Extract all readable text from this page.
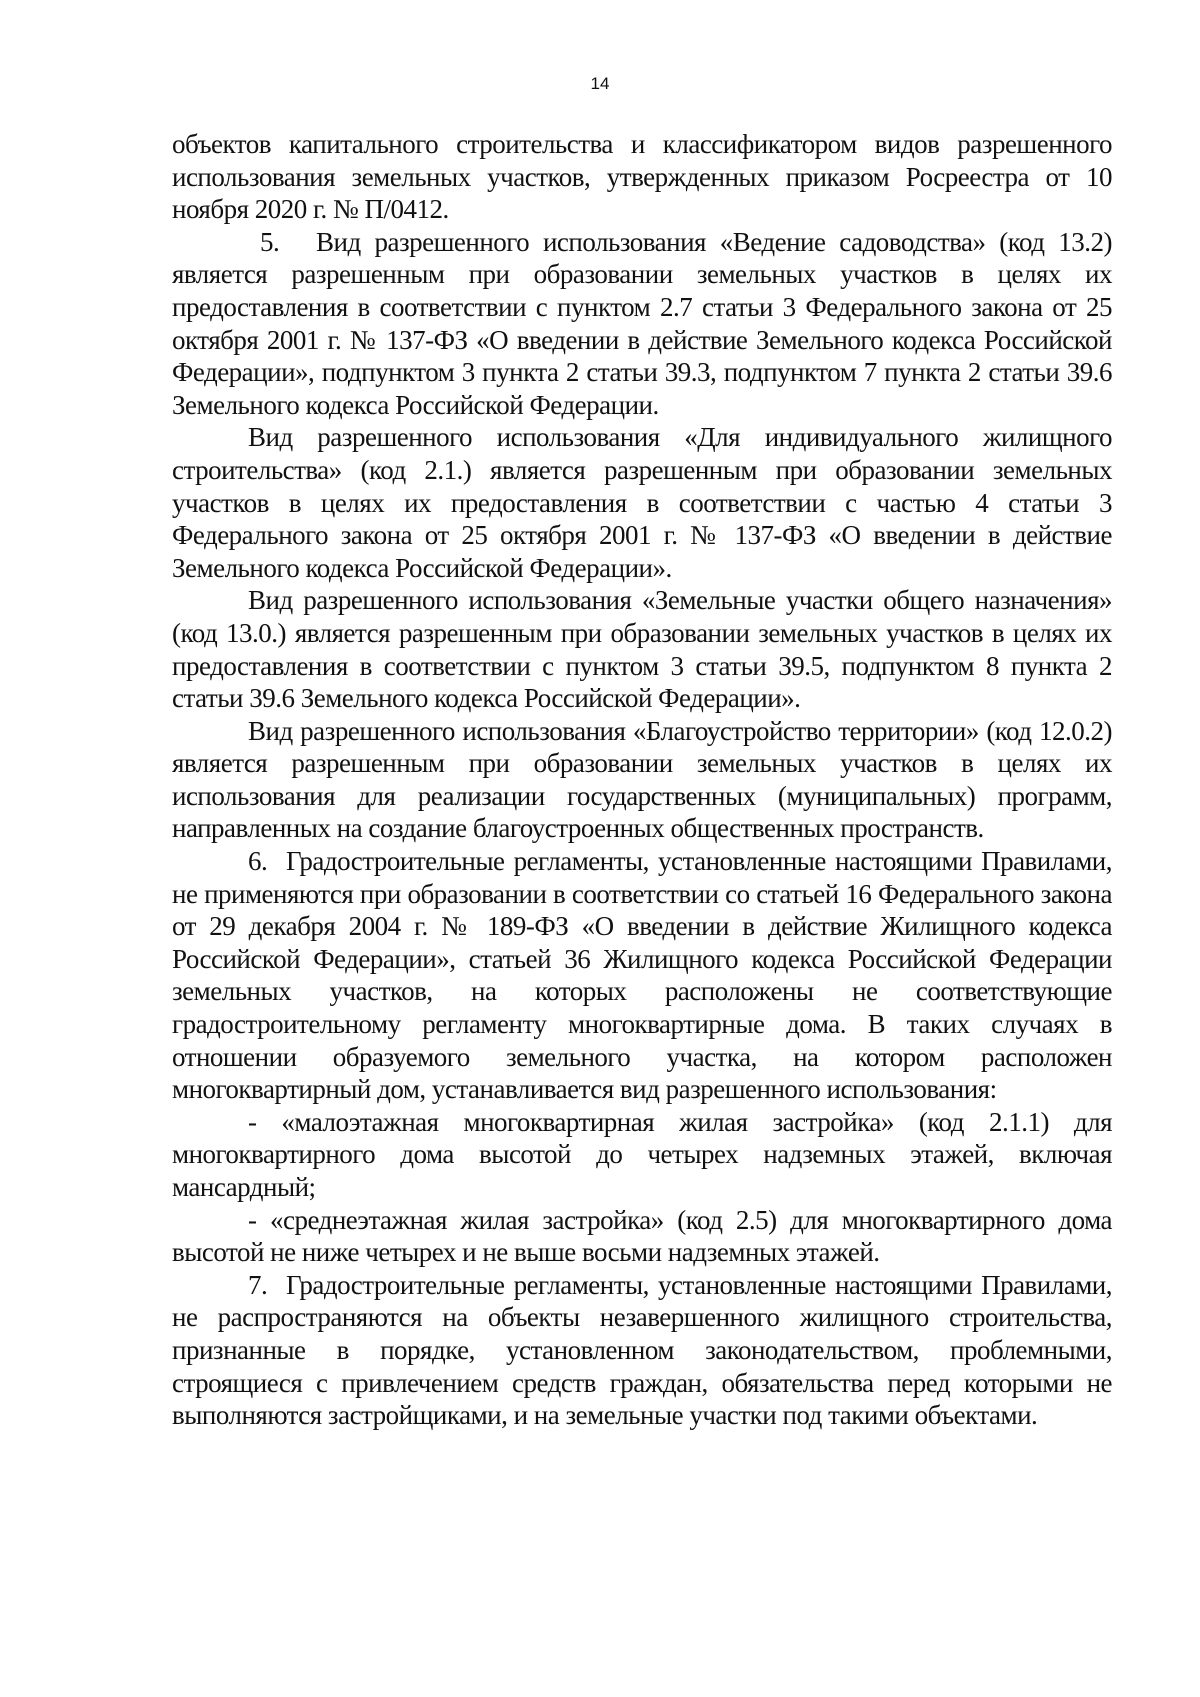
14

объектов капитального строительства и классификатором видов разрешенного использования земельных участков, утвержденных приказом Росреестра от 10 ноября 2020 г. № П/0412.

5. Вид разрешенного использования «Ведение садоводства» (код 13.2) является разрешенным при образовании земельных участков в целях их предоставления в соответствии с пунктом 2.7 статьи 3 Федерального закона от 25 октября 2001 г. № 137-ФЗ «О введении в действие Земельного кодекса Российской Федерации», подпунктом 3 пункта 2 статьи 39.3, подпунктом 7 пункта 2 статьи 39.6 Земельного кодекса Российской Федерации.

Вид разрешенного использования «Для индивидуального жилищного строительства» (код 2.1.) является разрешенным при образовании земельных участков в целях их предоставления в соответствии с частью 4 статьи 3 Федерального закона от 25 октября 2001 г. № 137-ФЗ «О введении в действие Земельного кодекса Российской Федерации».

Вид разрешенного использования «Земельные участки общего назначения» (код 13.0.) является разрешенным при образовании земельных участков в целях их предоставления в соответствии с пунктом 3 статьи 39.5, подпунктом 8 пункта 2 статьи 39.6 Земельного кодекса Российской Федерации».

Вид разрешенного использования «Благоустройство территории» (код 12.0.2) является разрешенным при образовании земельных участков в целях их использования для реализации государственных (муниципальных) программ, направленных на создание благоустроенных общественных пространств.

6. Градостроительные регламенты, установленные настоящими Правилами, не применяются при образовании в соответствии со статьей 16 Федерального закона от 29 декабря 2004 г. № 189-ФЗ «О введении в действие Жилищного кодекса Российской Федерации», статьей 36 Жилищного кодекса Российской Федерации земельных участков, на которых расположены не соответствующие градостроительному регламенту многоквартирные дома. В таких случаях в отношении образуемого земельного участка, на котором расположен многоквартирный дом, устанавливается вид разрешенного использования:

- «малоэтажная многоквартирная жилая застройка» (код 2.1.1) для многоквартирного дома высотой до четырех надземных этажей, включая мансардный;

- «среднеэтажная жилая застройка» (код 2.5) для многоквартирного дома высотой не ниже четырех и не выше восьми надземных этажей.

7. Градостроительные регламенты, установленные настоящими Правилами, не распространяются на объекты незавершенного жилищного строительства, признанные в порядке, установленном законодательством, проблемными, строящиеся с привлечением средств граждан, обязательства перед которыми не выполняются застройщиками, и на земельные участки под такими объектами.
